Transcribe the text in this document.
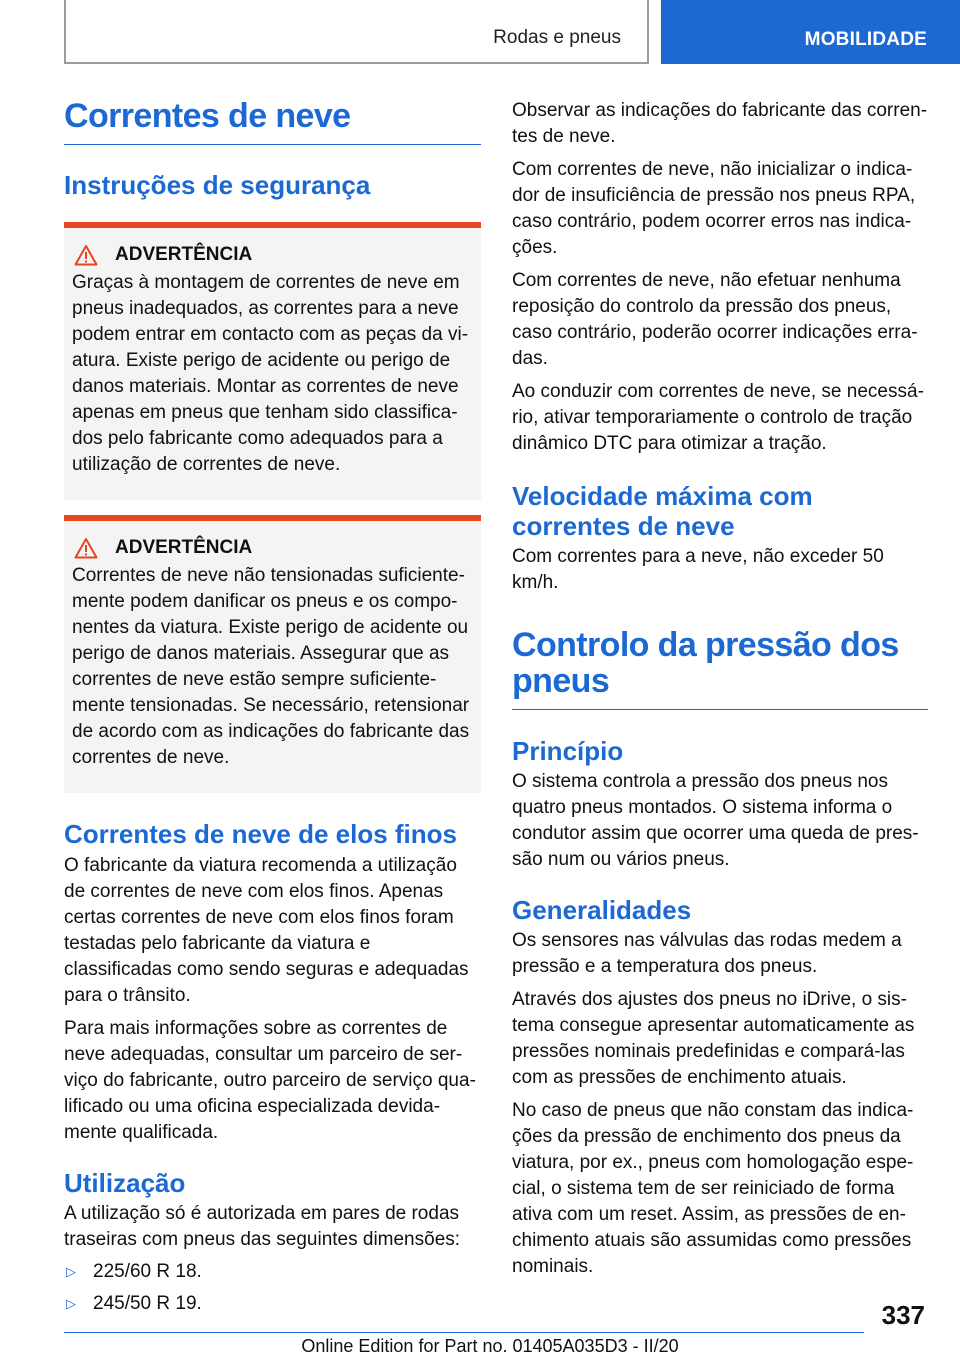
Rodas e pneus	MOBILIDADE
Correntes de neve
Instruções de segurança
ADVERTÊNCIA

Graças à montagem de correntes de neve em pneus inadequados, as correntes para a neve podem entrar em contacto com as peças da viatura. Existe perigo de acidente ou perigo de danos materiais. Montar as correntes de neve apenas em pneus que tenham sido classificados pelo fabricante como adequados para a utilização de correntes de neve.

ADVERTÊNCIA

Correntes de neve não tensionadas suficientemente podem danificar os pneus e os componentes da viatura. Existe perigo de acidente ou perigo de danos materiais. Assegurar que as correntes de neve estão sempre suficientemente tensionadas. Se necessário, retensionar de acordo com as indicações do fabricante das correntes de neve.

Correntes de neve de elos finos

O fabricante da viatura recomenda a utilização de correntes de neve com elos finos. Apenas certas correntes de neve com elos finos foram testadas pelo fabricante da viatura e classificadas como sendo seguras e adequadas para o trânsito.

Para mais informações sobre as correntes de neve adequadas, consultar um parceiro de serviço do fabricante, outro parceiro de serviço qualificado ou uma oficina especializada devidamente qualificada.

Utilização

A utilização só é autorizada em pares de rodas traseiras com pneus das seguintes dimensões:

▷ 225/60 R 18.
▷ 245/50 R 19.

Observar as indicações do fabricante das correntes de neve.

Com correntes de neve, não inicializar o indicador de insuficiência de pressão nos pneus RPA, caso contrário, podem ocorrer erros nas indicações.

Com correntes de neve, não efetuar nenhuma reposição do controlo da pressão dos pneus, caso contrário, poderão ocorrer indicações erradas.

Ao conduzir com correntes de neve, se necessário, ativar temporariamente o controlo de tração dinâmico DTC para otimizar a tração.

Velocidade máxima com correntes de neve

Com correntes para a neve, não exceder 50 km/h.

Controlo da pressão dos pneus
Princípio

O sistema controla a pressão dos pneus nos quatro pneus montados. O sistema informa o condutor assim que ocorrer uma queda de pressão num ou vários pneus.

Generalidades

Os sensores nas válvulas das rodas medem a pressão e a temperatura dos pneus.

Através dos ajustes dos pneus no iDrive, o sistema consegue apresentar automaticamente as pressões nominais predefinidas e compará-las com as pressões de enchimento atuais.

No caso de pneus que não constam das indicações da pressão de enchimento dos pneus da viatura, por ex., pneus com homologação especial, o sistema tem de ser reiniciado de forma ativa com um reset. Assim, as pressões de enchimento atuais são assumidas como pressões nominais.

337
Online Edition for Part no. 01405A035D3 - II/20
